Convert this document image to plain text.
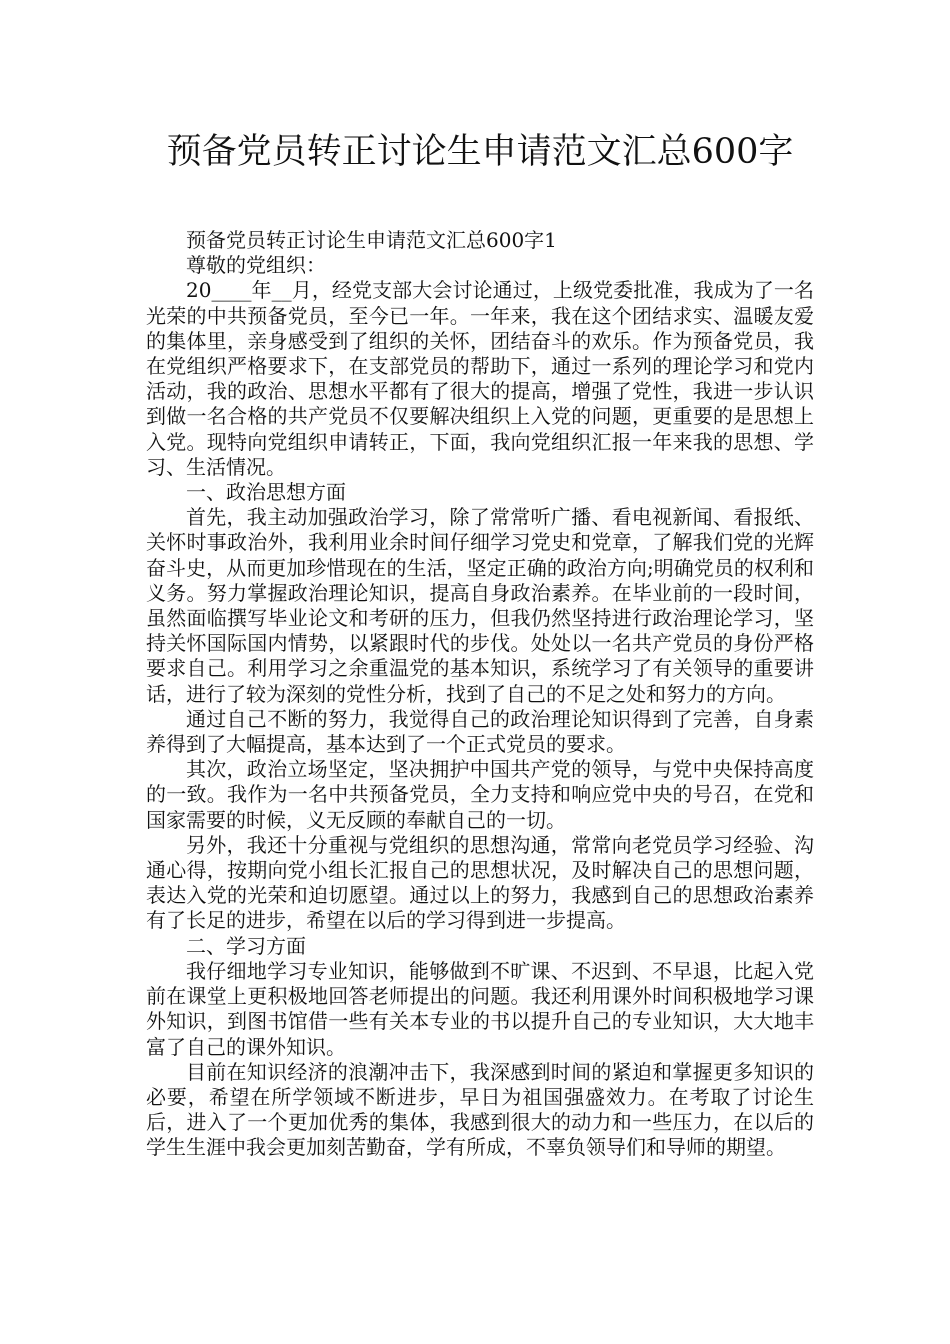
预备党员转正讨论生申请范文汇总600字

预备党员转正讨论生申请范文汇总600字1

尊敬的党组织：

20____年__月，经党支部大会讨论通过，上级党委批准，我成为了一名光荣的中共预备党员，至今已一年。一年来，我在这个团结求实、温暖友爱的集体里，亲身感受到了组织的关怀，团结奋斗的欢乐。作为预备党员，我在党组织严格要求下，在支部党员的帮助下，通过一系列的理论学习和党内活动，我的政治、思想水平都有了很大的提高，增强了党性，我进一步认识到做一名合格的共产党员不仅要解决组织上入党的问题，更重要的是思想上入党。现特向党组织申请转正，下面，我向党组织汇报一年来我的思想、学习、生活情况。

一、政治思想方面

首先，我主动加强政治学习，除了常常听广播、看电视新闻、看报纸、关怀时事政治外，我利用业余时间仔细学习党史和党章，了解我们党的光辉奋斗史，从而更加珍惜现在的生活，坚定正确的政治方向;明确党员的权利和义务。努力掌握政治理论知识，提高自身政治素养。在毕业前的一段时间，虽然面临撰写毕业论文和考研的压力，但我仍然坚持进行政治理论学习，坚持关怀国际国内情势，以紧跟时代的步伐。处处以一名共产党员的身份严格要求自己。利用学习之余重温党的基本知识，系统学习了有关领导的重要讲话，进行了较为深刻的党性分析，找到了自己的不足之处和努力的方向。

通过自己不断的努力，我觉得自己的政治理论知识得到了完善，自身素养得到了大幅提高，基本达到了一个正式党员的要求。

其次，政治立场坚定，坚决拥护中国共产党的领导，与党中央保持高度的一致。我作为一名中共预备党员，全力支持和响应党中央的号召，在党和国家需要的时候，义无反顾的奉献自己的一切。

另外，我还十分重视与党组织的思想沟通，常常向老党员学习经验、沟通心得，按期向党小组长汇报自己的思想状况，及时解决自己的思想问题，表达入党的光荣和迫切愿望。通过以上的努力，我感到自己的思想政治素养有了长足的进步，希望在以后的学习得到进一步提高。

二、学习方面

我仔细地学习专业知识，能够做到不旷课、不迟到、不早退，比起入党前在课堂上更积极地回答老师提出的问题。我还利用课外时间积极地学习课外知识，到图书馆借一些有关本专业的书以提升自己的专业知识，大大地丰富了自己的课外知识。

目前在知识经济的浪潮冲击下，我深感到时间的紧迫和掌握更多知识的必要，希望在所学领域不断进步，早日为祖国强盛效力。在考取了讨论生后，进入了一个更加优秀的集体，我感到很大的动力和一些压力，在以后的学生生涯中我会更加刻苦勤奋，学有所成，不辜负领导们和导师的期望。
